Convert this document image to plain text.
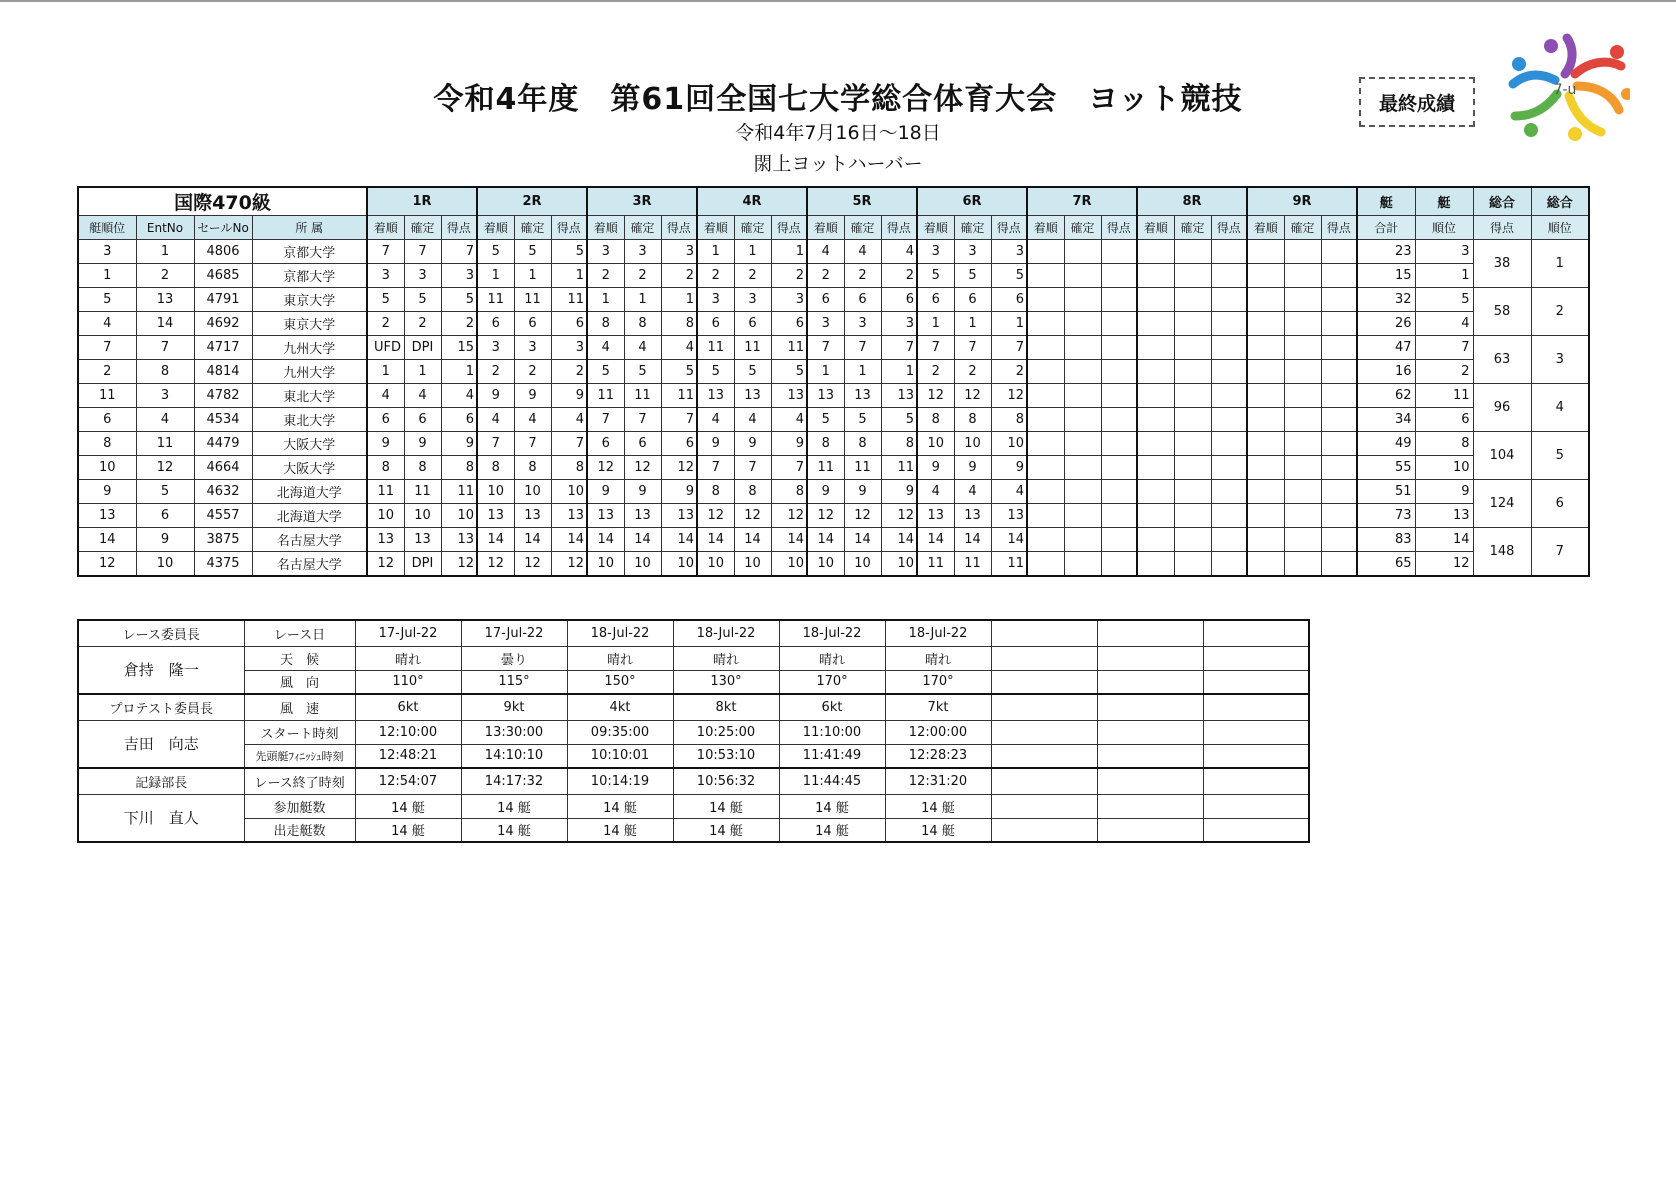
令和4年度　第61回全国七大学総合体育大会　ヨット競技
令和4年7月16日〜18日
閖上ヨットハーバー
最終成績
7-u
国際470級				1R			2R			3R			4R			5R			6R			7R			8R			9R			艇	艇	総合	総合
艇順位	EntNo	セールNo	所 属	着順	確定	得点	着順	確定	得点	着順	確定	得点	着順	確定	得点	着順	確定	得点	着順	確定	得点	着順	確定	得点	着順	確定	得点	着順	確定	得点	合計	順位	得点	順位
3	1	4806	京都大学	7	7	7	5	5	5	3	3	3	1	1	1	4	4	4	3	3	3										23	3	38	1
1	2	4685	京都大学	3	3	3	1	1	1	2	2	2	2	2	2	2	2	2	5	5	5										15	1		
5	13	4791	東京大学	5	5	5	11	11	11	1	1	1	3	3	3	6	6	6	6	6	6										32	5	58	2
4	14	4692	東京大学	2	2	2	6	6	6	8	8	8	6	6	6	3	3	3	1	1	1										26	4		
7	7	4717	九州大学	UFD	DPI	15	3	3	3	4	4	4	11	11	11	7	7	7	7	7	7										47	7	63	3
2	8	4814	九州大学	1	1	1	2	2	2	5	5	5	5	5	5	1	1	1	2	2	2										16	2		
11	3	4782	東北大学	4	4	4	9	9	9	11	11	11	13	13	13	13	13	13	12	12	12										62	11	96	4
6	4	4534	東北大学	6	6	6	4	4	4	7	7	7	4	4	4	5	5	5	8	8	8										34	6		
8	11	4479	大阪大学	9	9	9	7	7	7	6	6	6	9	9	9	8	8	8	10	10	10										49	8	104	5
10	12	4664	大阪大学	8	8	8	8	8	8	12	12	12	7	7	7	11	11	11	9	9	9										55	10		
9	5	4632	北海道大学	11	11	11	10	10	10	9	9	9	8	8	8	9	9	9	4	4	4										51	9	124	6
13	6	4557	北海道大学	10	10	10	13	13	13	13	13	13	12	12	12	12	12	12	13	13	13										73	13		
14	9	3875	名古屋大学	13	13	13	14	14	14	14	14	14	14	14	14	14	14	14	14	14	14										83	14	148	7
12	10	4375	名古屋大学	12	DPI	12	12	12	12	10	10	10	10	10	10	10	10	10	11	11	11										65	12		
レース委員長	レース日	17-Jul-22	17-Jul-22	18-Jul-22	18-Jul-22	18-Jul-22	18-Jul-22			
倉持　隆一	天　候	晴れ	曇り	晴れ	晴れ	晴れ	晴れ			
	風　向	110°	115°	150°	130°	170°	170°			
プロテスト委員長	風　速	6kt	9kt	4kt	8kt	6kt	7kt			
吉田　向志	スタート時刻	12:10:00	13:30:00	09:35:00	10:25:00	11:10:00	12:00:00			
	先頭艇ﾌｨﾆｯｼｭ時刻	12:48:21	14:10:10	10:10:01	10:53:10	11:41:49	12:28:23			
記録部長	レース終了時刻	12:54:07	14:17:32	10:14:19	10:56:32	11:44:45	12:31:20			
下川　直人	参加艇数	14 艇	14 艇	14 艇	14 艇	14 艇	14 艇			
	出走艇数	14 艇	14 艇	14 艇	14 艇	14 艇	14 艇			
